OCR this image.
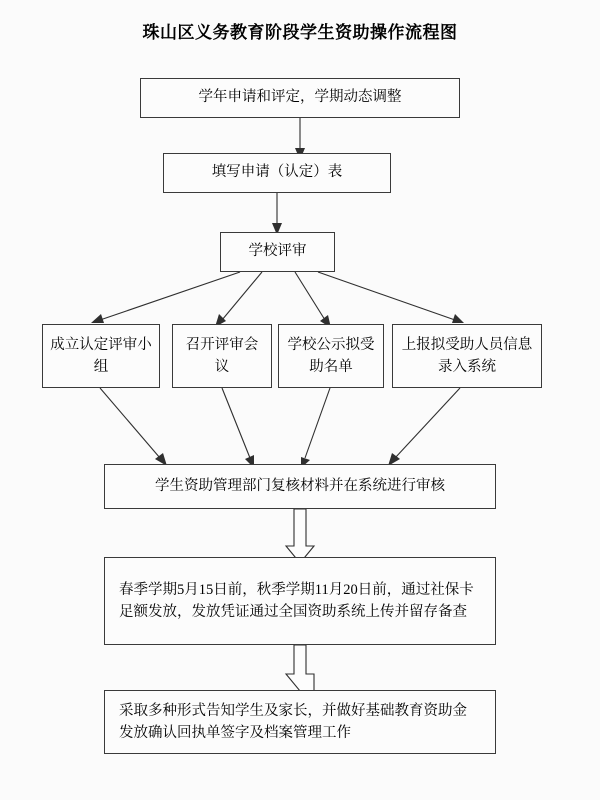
珠山区义务教育阶段学生资助操作流程图
学年申请和评定，学期动态调整
填写申请（认定）表
学校评审
成立认定评审小组
召开评审会议
学校公示拟受助名单
上报拟受助人员信息录入系统
学生资助管理部门复核材料并在系统进行审核
春季学期5月15日前，秋季学期11月20日前，通过社保卡足额发放，发放凭证通过全国资助系统上传并留存备查
采取多种形式告知学生及家长，并做好基础教育资助金发放确认回执单签字及档案管理工作
